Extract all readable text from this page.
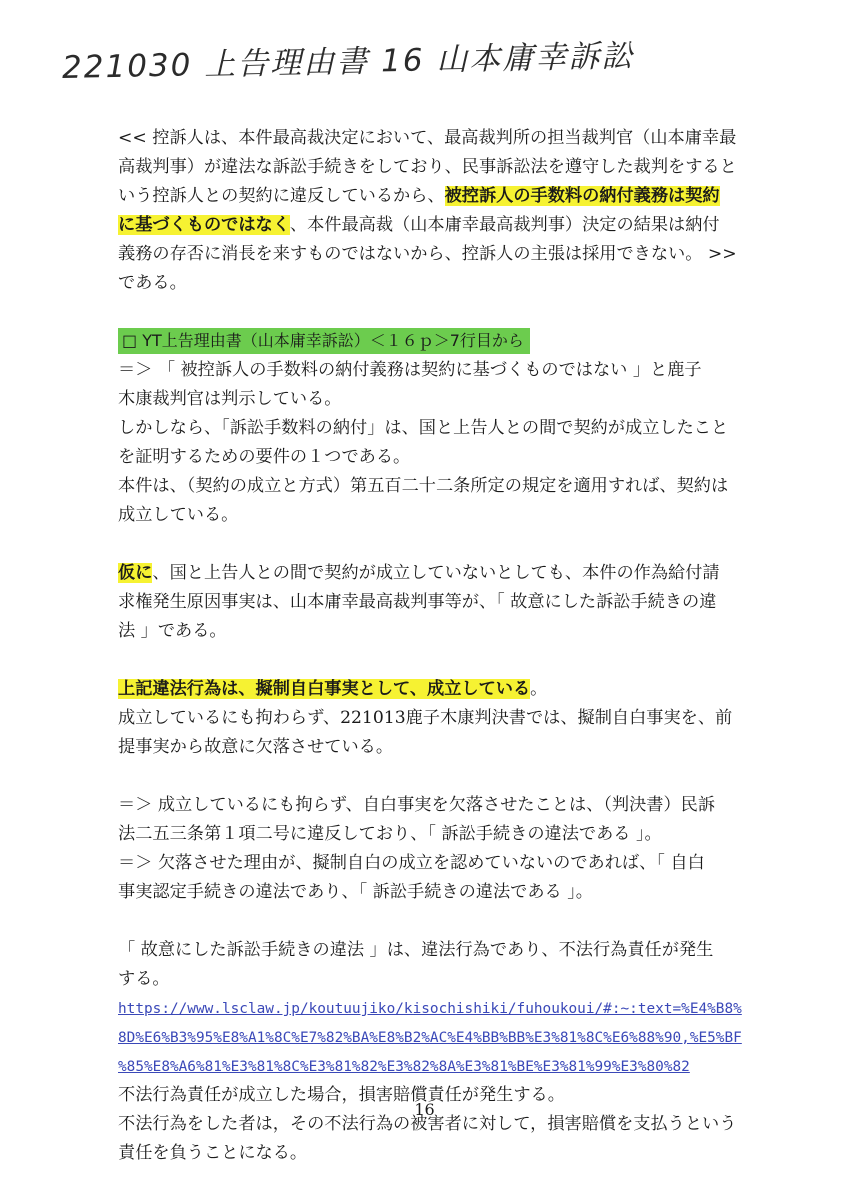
221030 上告理由書 16 山本庸幸訴訟
<< 控訴人は、本件最高裁決定において、最高裁判所の担当裁判官（山本庸幸最
高裁判事）が違法な訴訟手続きをしており、民事訴訟法を遵守した裁判をすると
いう控訴人との契約に違反しているから、被控訴人の手数料の納付義務は契約
に基づくものではなく、本件最高裁（山本庸幸最高裁判事）決定の結果は納付
義務の存否に消長を来すものではないから、控訴人の主張は採用できない。 >>
である。
□ YT上告理由書（山本庸幸訴訟）＜１６ｐ＞7行目から
＝＞ 「 被控訴人の手数料の納付義務は契約に基づくものではない 」と鹿子
木康裁判官は判示している。
しかしなら、「訴訟手数料の納付」は、国と上告人との間で契約が成立したこと
を証明するための要件の１つである。
本件は、（契約の成立と方式）第五百二十二条所定の規定を適用すれば、契約は
成立している。
仮に、国と上告人との間で契約が成立していないとしても、本件の作為給付請
求権発生原因事実は、山本庸幸最高裁判事等が、「 故意にした訴訟手続きの違
法 」である。
上記違法行為は、擬制自白事実として、成立している。
成立しているにも拘わらず、221013鹿子木康判決書では、擬制自白事実を、前
提事実から故意に欠落させている。
＝＞ 成立しているにも拘らず、自白事実を欠落させたことは、（判決書）民訴
法二五三条第１項二号に違反しており、「 訴訟手続きの違法である 」。
＝＞ 欠落させた理由が、擬制自白の成立を認めていないのであれば、「 自白
事実認定手続きの違法であり、「 訴訟手続きの違法である 」。
「 故意にした訴訟手続きの違法 」は、違法行為であり、不法行為責任が発生
する。
https://www.lsclaw.jp/koutuujiko/kisochishiki/fuhoukoui/#:~:text=%E4%B8%
8D%E6%B3%95%E8%A1%8C%E7%82%BA%E8%B2%AC%E4%BB%BB%E3%81%8C%E6%88%90,%E5%BF
%85%E8%A6%81%E3%81%8C%E3%81%82%E3%82%8A%E3%81%BE%E3%81%99%E3%80%82
不法行為責任が成立した場合，損害賠償責任が発生する。
不法行為をした者は，その不法行為の被害者に対して，損害賠償を支払うという
責任を負うことになる。
16
